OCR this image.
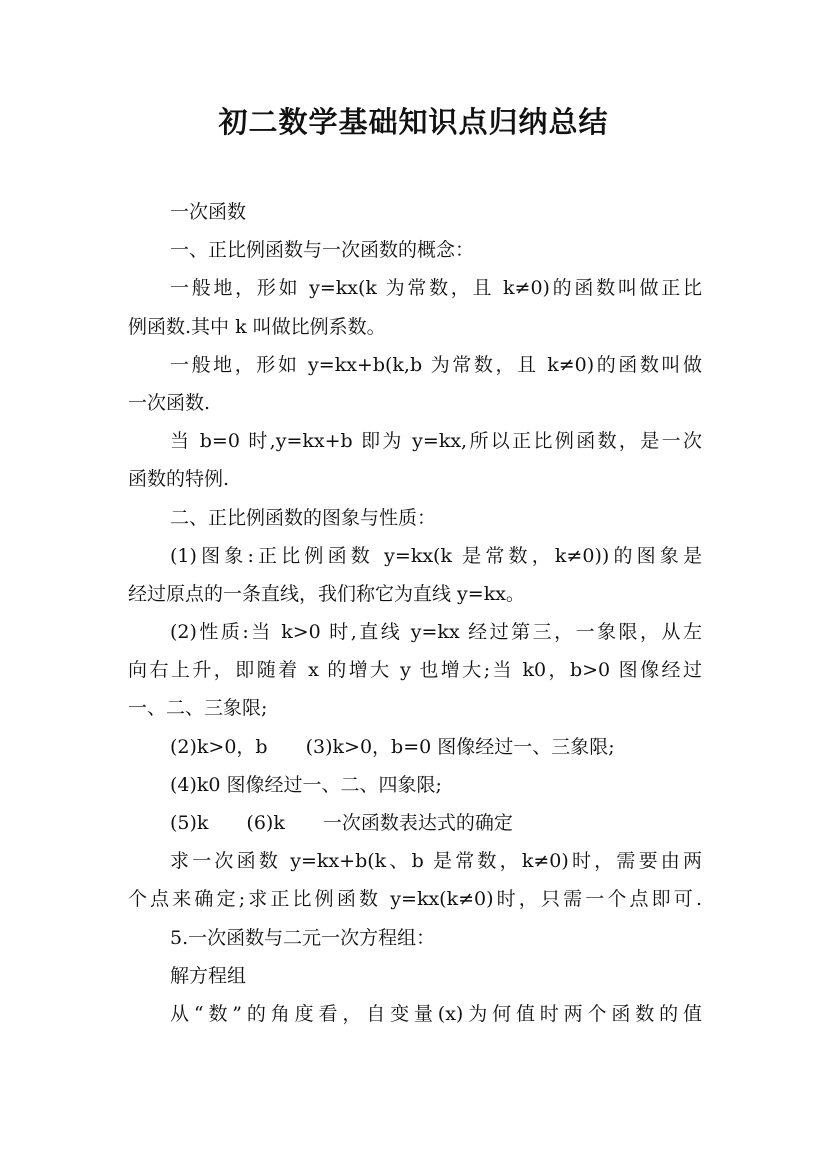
初二数学基础知识点归纳总结
一次函数
一、正比例函数与一次函数的概念：
一般地，形如 y=kx(k 为常数，且 k≠0)的函数叫做正比
例函数.其中 k 叫做比例系数。
一般地，形如 y=kx+b(k,b 为常数，且 k≠0)的函数叫做
一次函数.
当 b=0 时,y=kx+b 即为 y=kx,所以正比例函数，是一次
函数的特例.
二、正比例函数的图象与性质：
(1)图象:正比例函数 y=kx(k 是常数，k≠0))的图象是
经过原点的一条直线，我们称它为直线 y=kx。
(2)性质:当 k>0 时,直线 y=kx 经过第三，一象限，从左
向右上升，即随着 x 的增大 y 也增大;当 k0，b>0 图像经过
一、二、三象限;
(2)k>0，b　　(3)k>0，b=0 图像经过一、三象限;
(4)k0 图像经过一、二、四象限;
(5)k　　(6)k　　一次函数表达式的确定
求一次函数 y=kx+b(k、b 是常数，k≠0)时，需要由两
个点来确定;求正比例函数 y=kx(k≠0)时，只需一个点即可.
5.一次函数与二元一次方程组：
解方程组
从“数”的角度看，自变量(x)为何值时两个函数的值
